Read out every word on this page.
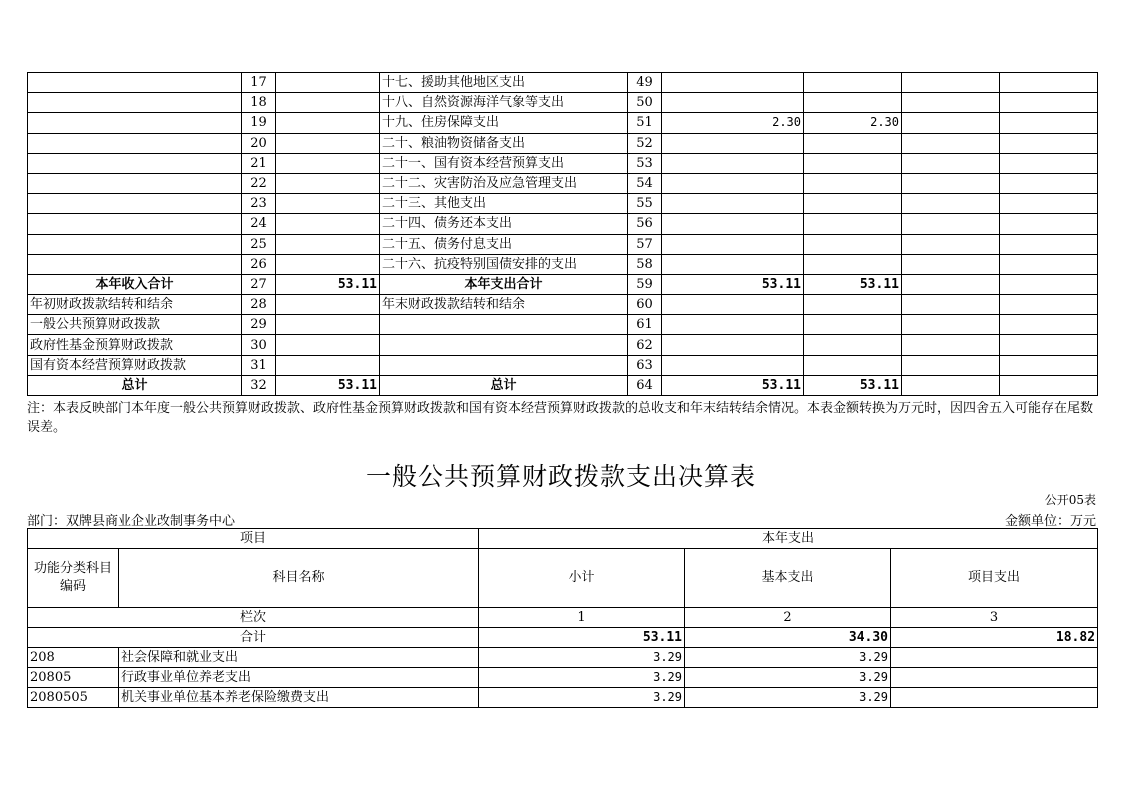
	17		十七、援助其他地区支出	49				
	18		十八、自然资源海洋气象等支出	50				
	19		十九、住房保障支出	51	2.30	2.30		
	20		二十、粮油物资储备支出	52				
	21		二十一、国有资本经营预算支出	53				
	22		二十二、灾害防治及应急管理支出	54				
	23		二十三、其他支出	55				
	24		二十四、债务还本支出	56				
	25		二十五、债务付息支出	57				
	26		二十六、抗疫特别国债安排的支出	58				
本年收入合计	27	53.11	本年支出合计	59	53.11	53.11		
年初财政拨款结转和结余	28		年末财政拨款结转和结余	60				
一般公共预算财政拨款	29			61				
政府性基金预算财政拨款	30			62				
国有资本经营预算财政拨款	31			63				
总计	32	53.11	总计	64	53.11	53.11		
注：本表反映部门本年度一般公共预算财政拨款、政府性基金预算财政拨款和国有资本经营预算财政拨款的总收支和年末结转结余情况。本表金额转换为万元时，因四舍五入可能存在尾数误差。
一般公共预算财政拨款支出决算表
公开05表
部门：双牌县商业企业改制事务中心	金额单位：万元
项目		本年支出		
功能分类科目编码	科目名称	小计	基本支出	项目支出
栏次		1	2	3
合计		53.11	34.30	18.82
208	社会保障和就业支出	3.29	3.29	
20805	行政事业单位养老支出	3.29	3.29	
2080505	机关事业单位基本养老保险缴费支出	3.29	3.29	
